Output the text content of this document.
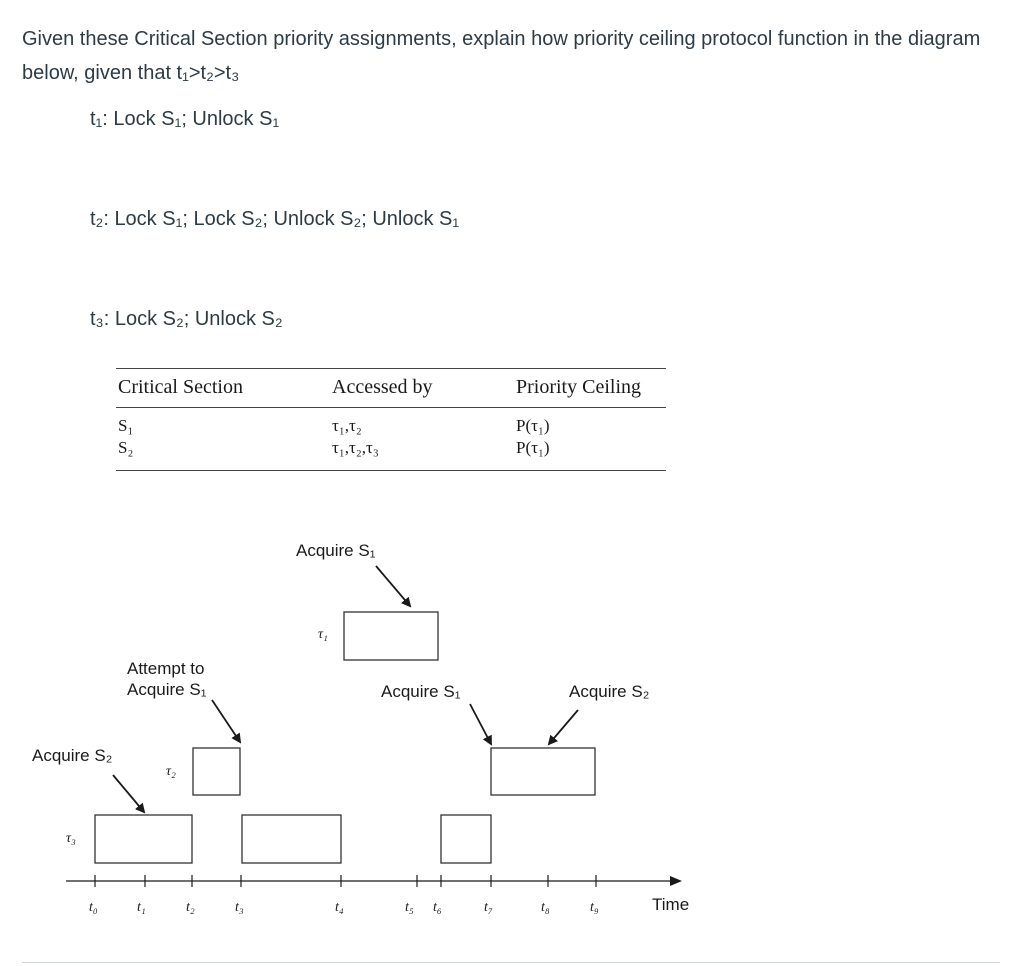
Given these Critical Section priority assignments, explain how priority ceiling protocol function in the diagram below, given that t₁>t₂>t₃
t₁: Lock S₁; Unlock S₁
t₂: Lock S₁; Lock S₂; Unlock S₂; Unlock S₁
t₃: Lock S₂; Unlock S₂
Critical Section	Accessed by	Priority Ceiling
S₁	τ₁,τ₂	P(τ₁)
S₂	τ₁,τ₂,τ₃	P(τ₁)
τ₁
Acquire S₁
Attempt to
Acquire S₁
τ₂
Acquire S₁	Acquire S₂
Acquire S₂
τ₃
t₀	t₁	t₂	t₃	t₄	t₅ t₆	t₇	t₈	t₉	Time
